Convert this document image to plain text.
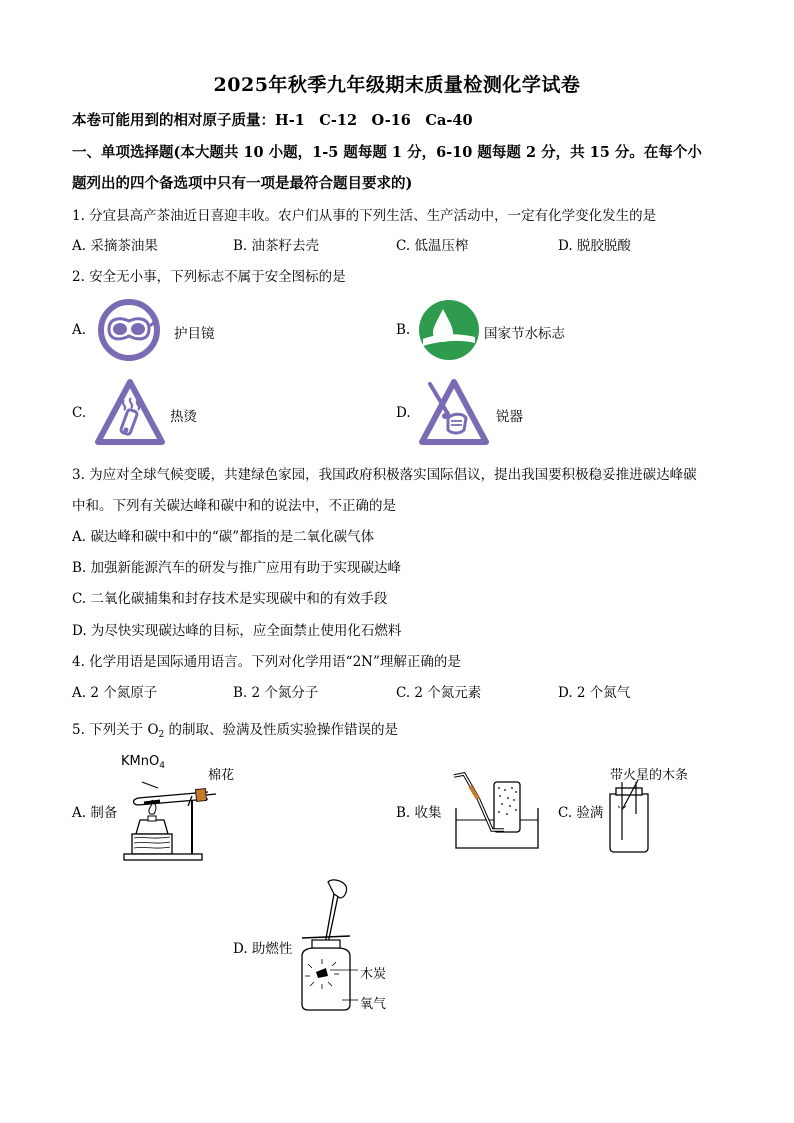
2025年秋季九年级期末质量检测化学试卷
本卷可能用到的相对原子质量：H-1　C-12　O-16　Ca-40
一、单项选择题(本大题共 10 小题，1-5 题每题 1 分，6-10 题每题 2 分，共 15 分。在每个小
题列出的四个备选项中只有一项是最符合题目要求的)
1. 分宜县高产茶油近日喜迎丰收。农户们从事的下列生活、生产活动中，一定有化学变化发生的是
A. 采摘茶油果	B. 油茶籽去壳	C. 低温压榨	D. 脱胶脱酸
2. 安全无小事，下列标志不属于安全图标的是
A.	护目镜	B.	国家节水标志
C.	热烫	D.	锐器
3. 为应对全球气候变暖，共建绿色家园，我国政府积极落实国际倡议，提出我国要积极稳妥推进碳达峰碳
中和。下列有关碳达峰和碳中和的说法中，不正确的是
A. 碳达峰和碳中和中的“碳”都指的是二氧化碳气体
B. 加强新能源汽车的研发与推广应用有助于实现碳达峰
C. 二氧化碳捕集和封存技术是实现碳中和的有效手段
D. 为尽快实现碳达峰的目标，应全面禁止使用化石燃料
4. 化学用语是国际通用语言。下列对化学用语“2N”理解正确的是
A. 2 个氮原子	B. 2 个氮分子	C. 2 个氮元素	D. 2 个氮气
5. 下列关于 $O_2$ 的制取、验满及性质实验操作错误的是
A. 制备
KMnO$_4$
棉花
B. 收集	C. 验满
带火星的木条
D. 助燃性
木炭
氧气
